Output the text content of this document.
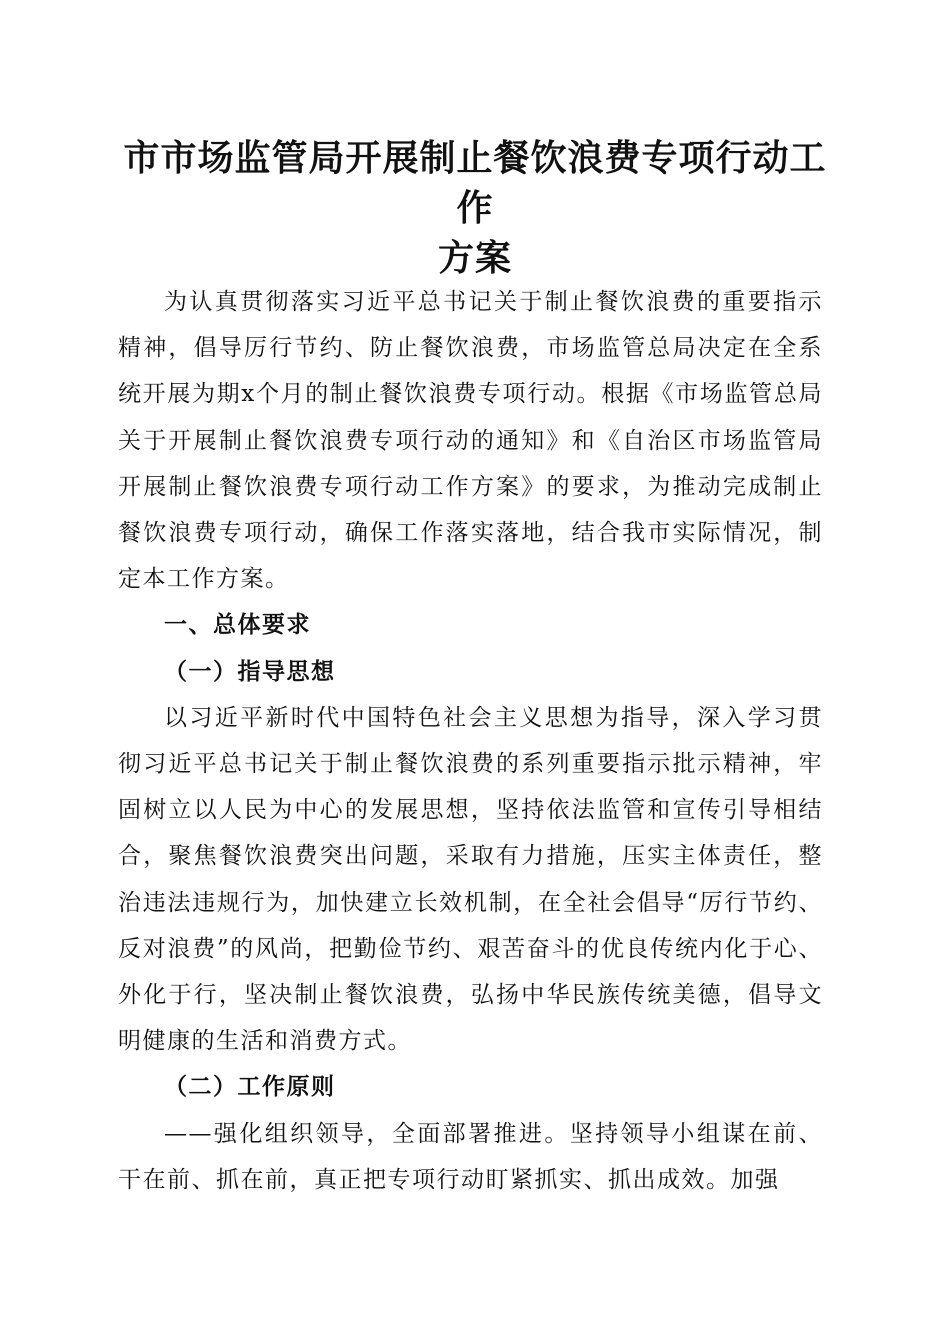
市市场监管局开展制止餐饮浪费专项行动工作
方案

为认真贯彻落实习近平总书记关于制止餐饮浪费的重要指示精神，倡导厉行节约、防止餐饮浪费，市场监管总局决定在全系统开展为期x个月的制止餐饮浪费专项行动。根据《市场监管总局关于开展制止餐饮浪费专项行动的通知》和《自治区市场监管局开展制止餐饮浪费专项行动工作方案》的要求，为推动完成制止餐饮浪费专项行动，确保工作落实落地，结合我市实际情况，制定本工作方案。

一、总体要求

（一）指导思想

以习近平新时代中国特色社会主义思想为指导，深入学习贯彻习近平总书记关于制止餐饮浪费的系列重要指示批示精神，牢固树立以人民为中心的发展思想，坚持依法监管和宣传引导相结合，聚焦餐饮浪费突出问题，采取有力措施，压实主体责任，整治违法违规行为，加快建立长效机制，在全社会倡导“厉行节约、反对浪费”的风尚，把勤俭节约、艰苦奋斗的优良传统内化于心、外化于行，坚决制止餐饮浪费，弘扬中华民族传统美德，倡导文明健康的生活和消费方式。

（二）工作原则

——强化组织领导，全面部署推进。坚持领导小组谋在前、干在前、抓在前，真正把专项行动盯紧抓实、抓出成效。加强
